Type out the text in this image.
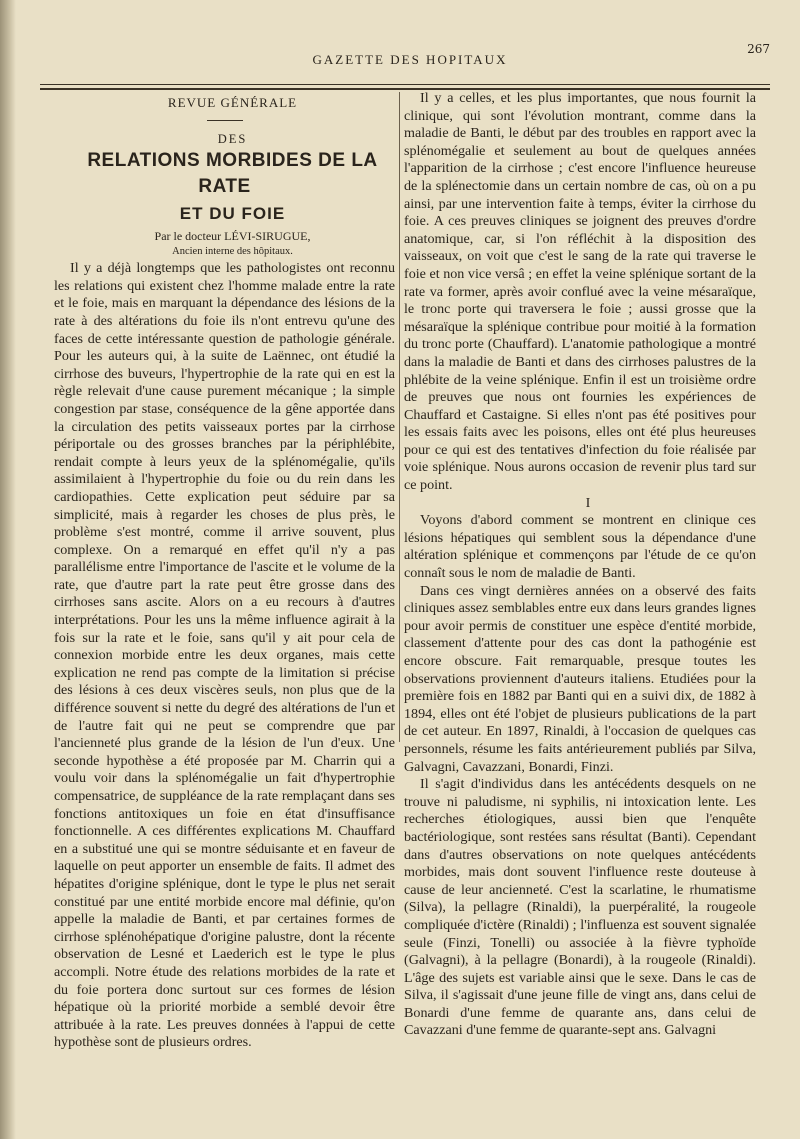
GAZETTE DES HOPITAUX
267

REVUE GÉNÉRALE

DES

RELATIONS MORBIDES DE LA RATE

ET DU FOIE

Par le docteur LÉVI-SIRUGUE,

Ancien interne des hôpitaux.

Il y a déjà longtemps que les pathologistes ont reconnu les relations qui existent chez l'homme malade entre la rate et le foie, mais en marquant la dépendance des lésions de la rate à des altérations du foie ils n'ont entrevu qu'une des faces de cette intéressante question de pathologie générale. Pour les auteurs qui, à la suite de Laënnec, ont étudié la cirrhose des buveurs, l'hypertrophie de la rate qui en est la règle relevait d'une cause purement mécanique ; la simple congestion par stase, conséquence de la gêne apportée dans la circulation des petits vaisseaux portes par la cirrhose périportale ou des grosses branches par la périphlébite, rendait compte à leurs yeux de la splénomégalie, qu'ils assimilaient à l'hypertrophie du foie ou du rein dans les cardiopathies. Cette explication peut séduire par sa simplicité, mais à regarder les choses de plus près, le problème s'est montré, comme il arrive souvent, plus complexe. On a remarqué en effet qu'il n'y a pas parallélisme entre l'importance de l'ascite et le volume de la rate, que d'autre part la rate peut être grosse dans des cirrhoses sans ascite. Alors on a eu recours à d'autres interprétations. Pour les uns la même influence agirait à la fois sur la rate et le foie, sans qu'il y ait pour cela de connexion morbide entre les deux organes, mais cette explication ne rend pas compte de la limitation si précise des lésions à ces deux viscères seuls, non plus que de la différence souvent si nette du degré des altérations de l'un et de l'autre fait qui ne peut se comprendre que par l'ancienneté plus grande de la lésion de l'un d'eux. Une seconde hypothèse a été proposée par M. Charrin qui a voulu voir dans la splénomégalie un fait d'hypertrophie compensatrice, de suppléance de la rate remplaçant dans ses fonctions antitoxiques un foie en état d'insuffisance fonctionnelle. A ces différentes explications M. Chauffard en a substitué une qui se montre séduisante et en faveur de laquelle on peut apporter un ensemble de faits. Il admet des hépatites d'origine splénique, dont le type le plus net serait constitué par une entité morbide encore mal définie, qu'on appelle la maladie de Banti, et par certaines formes de cirrhose splénohépatique d'origine palustre, dont la récente observation de Lesné et Laederich est le type le plus accompli. Notre étude des relations morbides de la rate et du foie portera donc surtout sur ces formes de lésion hépatique où la priorité morbide a semblé devoir être attribuée à la rate. Les preuves données à l'appui de cette hypothèse sont de plusieurs ordres.

Il y a celles, et les plus importantes, que nous fournit la clinique, qui sont l'évolution montrant, comme dans la maladie de Banti, le début par des troubles en rapport avec la splénomégalie et seulement au bout de quelques années l'apparition de la cirrhose ; c'est encore l'influence heureuse de la splénectomie dans un certain nombre de cas, où on a pu ainsi, par une intervention faite à temps, éviter la cirrhose du foie. A ces preuves cliniques se joignent des preuves d'ordre anatomique, car, si l'on réfléchit à la disposition des vaisseaux, on voit que c'est le sang de la rate qui traverse le foie et non vice versâ ; en effet la veine splénique sortant de la rate va former, après avoir conflué avec la veine mésaraïque, le tronc porte qui traversera le foie ; aussi grosse que la mésaraïque la splénique contribue pour moitié à la formation du tronc porte (Chauffard). L'anatomie pathologique a montré dans la maladie de Banti et dans des cirrhoses palustres de la phlébite de la veine splénique. Enfin il est un troisième ordre de preuves que nous ont fournies les expériences de Chauffard et Castaigne. Si elles n'ont pas été positives pour les essais faits avec les poisons, elles ont été plus heureuses pour ce qui est des tentatives d'infection du foie réalisée par voie splénique. Nous aurons occasion de revenir plus tard sur ce point.

I

Voyons d'abord comment se montrent en clinique ces lésions hépatiques qui semblent sous la dépendance d'une altération splénique et commençons par l'étude de ce qu'on connaît sous le nom de maladie de Banti.

Dans ces vingt dernières années on a observé des faits cliniques assez semblables entre eux dans leurs grandes lignes pour avoir permis de constituer une espèce d'entité morbide, classement d'attente pour des cas dont la pathogénie est encore obscure. Fait remarquable, presque toutes les observations proviennent d'auteurs italiens. Etudiées pour la première fois en 1882 par Banti qui en a suivi dix, de 1882 à 1894, elles ont été l'objet de plusieurs publications de la part de cet auteur. En 1897, Rinaldi, à l'occasion de quelques cas personnels, résume les faits antérieurement publiés par Silva, Galvagni, Cavazzani, Bonardi, Finzi.

Il s'agit d'individus dans les antécédents desquels on ne trouve ni paludisme, ni syphilis, ni intoxication lente. Les recherches étiologiques, aussi bien que l'enquête bactériologique, sont restées sans résultat (Banti). Cependant dans d'autres observations on note quelques antécédents morbides, mais dont souvent l'influence reste douteuse à cause de leur ancienneté. C'est la scarlatine, le rhumatisme (Silva), la pellagre (Rinaldi), la puerpéralité, la rougeole compliquée d'ictère (Rinaldi) ; l'influenza est souvent signalée seule (Finzi, Tonelli) ou associée à la fièvre typhoïde (Galvagni), à la pellagre (Bonardi), à la rougeole (Rinaldi). L'âge des sujets est variable ainsi que le sexe. Dans le cas de Silva, il s'agissait d'une jeune fille de vingt ans, dans celui de Bonardi d'une femme de quarante ans, dans celui de Cavazzani d'une femme de quarante-sept ans. Galvagni
